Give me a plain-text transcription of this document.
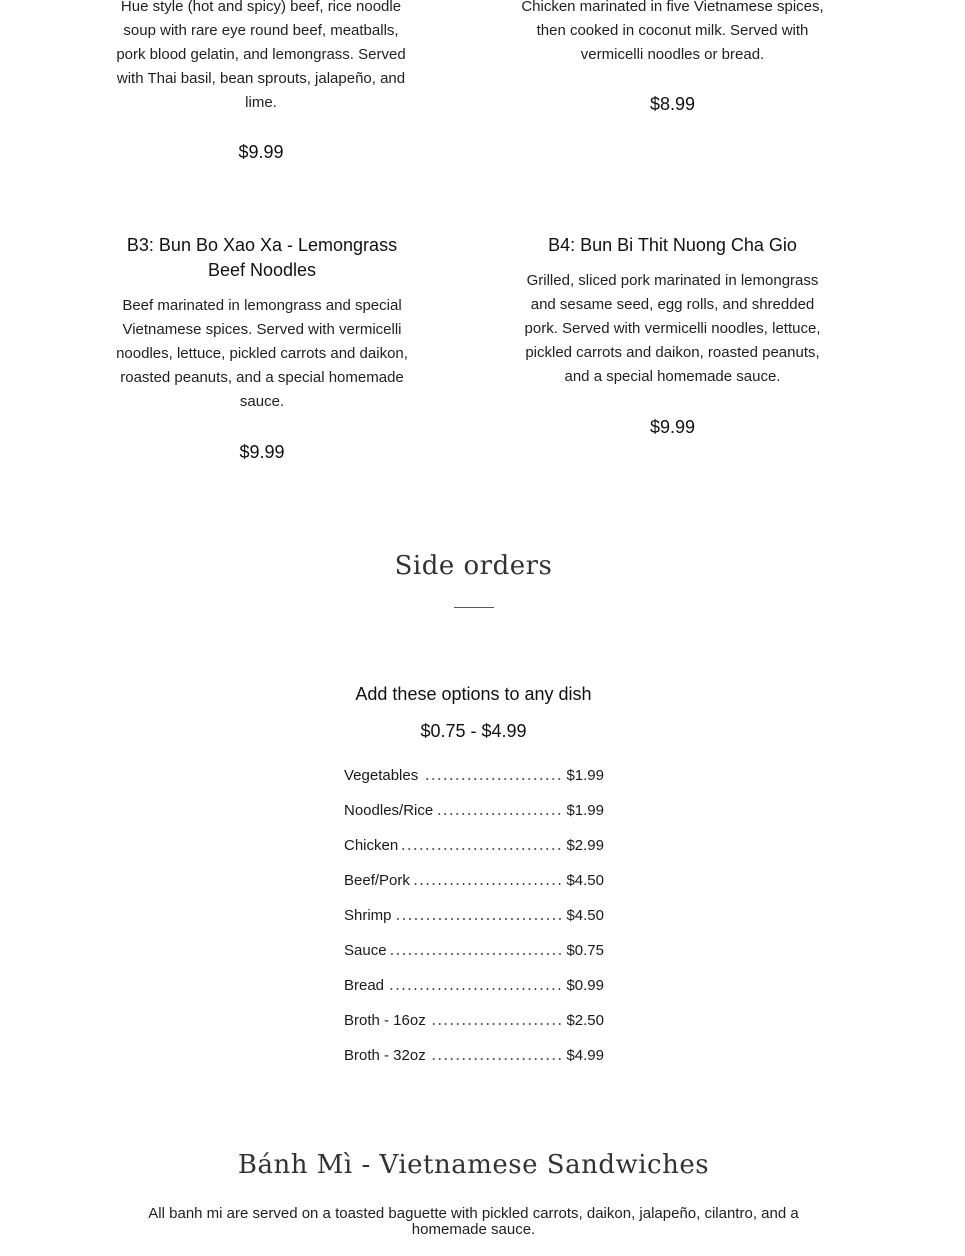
Hue style (hot and spicy) beef, rice noodle soup with rare eye round beef, meatballs, pork blood gelatin, and lemongrass. Served with Thai basil, bean sprouts, jalapeño, and lime.
$9.99
Chicken marinated in five Vietnamese spices, then cooked in coconut milk. Served with vermicelli noodles or bread.
$8.99
B3: Bun Bo Xao Xa - Lemongrass Beef Noodles
Beef marinated in lemongrass and special Vietnamese spices. Served with vermicelli noodles, lettuce, pickled carrots and daikon, roasted peanuts, and a special homemade sauce.
$9.99
B4: Bun Bi Thit Nuong Cha Gio
Grilled, sliced pork marinated in lemongrass and sesame seed, egg rolls, and shredded pork. Served with vermicelli noodles, lettuce, pickled carrots and daikon, roasted peanuts, and a special homemade sauce.
$9.99
Side orders
Add these options to any dish
$0.75 - $4.99
Vegetables	$1.99
Noodles/Rice	$1.99
Chicken	$2.99
Beef/Pork	$4.50
Shrimp	$4.50
Sauce	$0.75
Bread	$0.99
Broth - 16oz	$2.50
Broth - 32oz	$4.99
Bánh Mì - Vietnamese Sandwiches
All banh mi are served on a toasted baguette with pickled carrots, daikon, jalapeño, cilantro, and a homemade sauce.
